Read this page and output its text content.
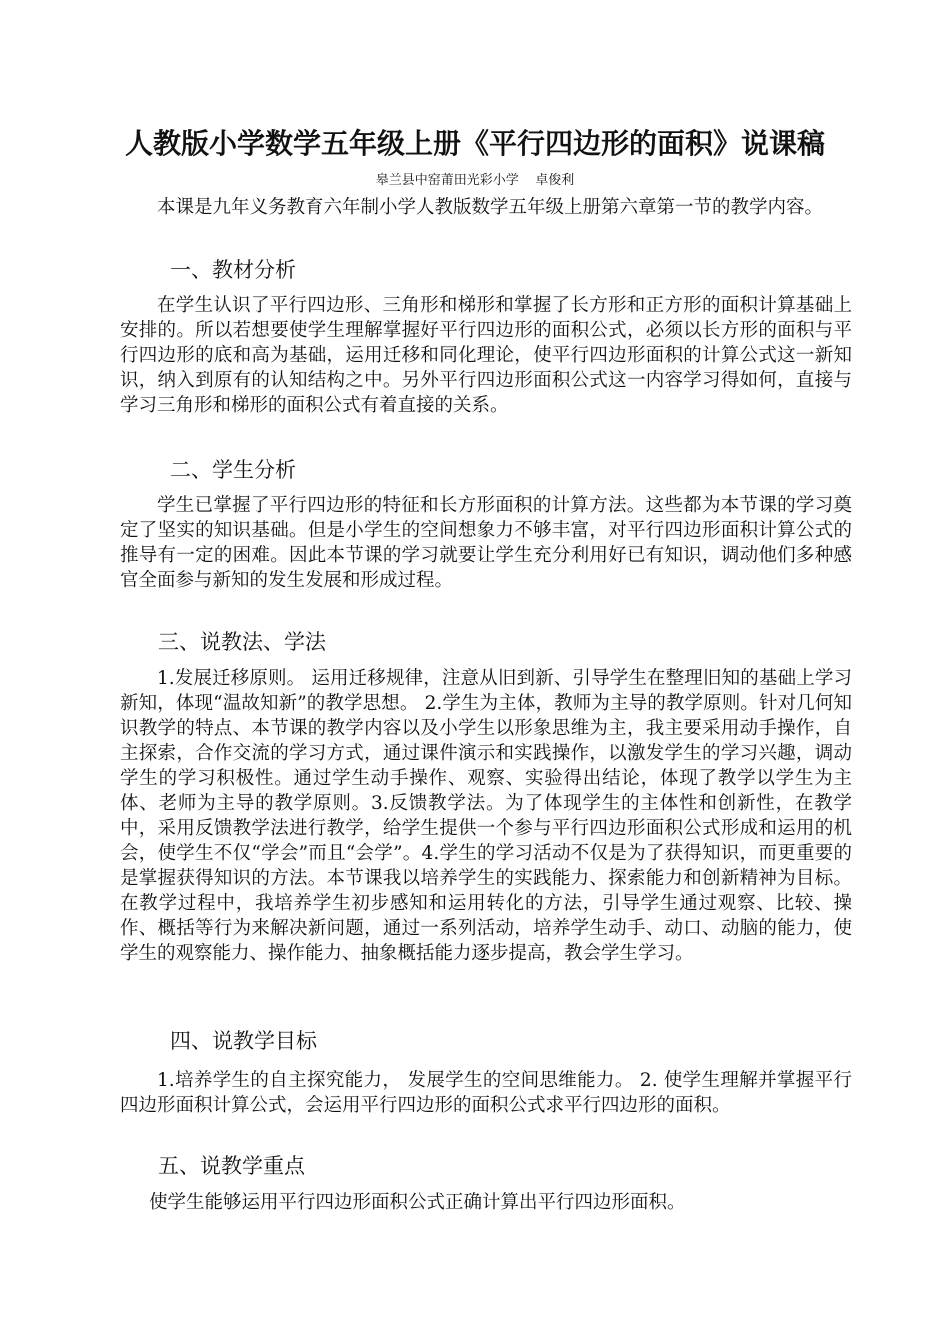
人教版小学数学五年级上册《平行四边形的面积》说课稿

皋兰县中窑莆田光彩小学    卓俊利

本课是九年义务教育六年制小学人教版数学五年级上册第六章第一节的教学内容。

一、教材分析

在学生认识了平行四边形、三角形和梯形和掌握了长方形和正方形的面积计算基础上安排的。所以若想要使学生理解掌握好平行四边形的面积公式，必须以长方形的面积与平行四边形的底和高为基础，运用迁移和同化理论，使平行四边形面积的计算公式这一新知识，纳入到原有的认知结构之中。另外平行四边形面积公式这一内容学习得如何，直接与学习三角形和梯形的面积公式有着直接的关系。

二、学生分析

学生已掌握了平行四边形的特征和长方形面积的计算方法。这些都为本节课的学习奠定了坚实的知识基础。但是小学生的空间想象力不够丰富，对平行四边形面积计算公式的推导有一定的困难。因此本节课的学习就要让学生充分利用好已有知识，调动他们多种感官全面参与新知的发生发展和形成过程。

三、说教法、学法

1.发展迁移原则。 运用迁移规律，注意从旧到新、引导学生在整理旧知的基础上学习新知，体现“温故知新”的教学思想。 2.学生为主体，教师为主导的教学原则。针对几何知识教学的特点、本节课的教学内容以及小学生以形象思维为主，我主要采用动手操作，自主探索，合作交流的学习方式，通过课件演示和实践操作，以激发学生的学习兴趣，调动学生的学习积极性。通过学生动手操作、观察、实验得出结论，体现了教学以学生为主体、老师为主导的教学原则。3.反馈教学法。为了体现学生的主体性和创新性，在教学中，采用反馈教学法进行教学，给学生提供一个参与平行四边形面积公式形成和运用的机会，使学生不仅“学会”而且“会学”。4.学生的学习活动不仅是为了获得知识，而更重要的是掌握获得知识的方法。本节课我以培养学生的实践能力、探索能力和创新精神为目标。在教学过程中，我培养学生初步感知和运用转化的方法，引导学生通过观察、比较、操作、概括等行为来解决新问题，通过一系列活动，培养学生动手、动口、动脑的能力，使学生的观察能力、操作能力、抽象概括能力逐步提高，教会学生学习。

四、说教学目标

1.培养学生的自主探究能力， 发展学生的空间思维能力。 2. 使学生理解并掌握平行四边形面积计算公式，会运用平行四边形的面积公式求平行四边形的面积。

五、说教学重点

使学生能够运用平行四边形面积公式正确计算出平行四边形面积。
